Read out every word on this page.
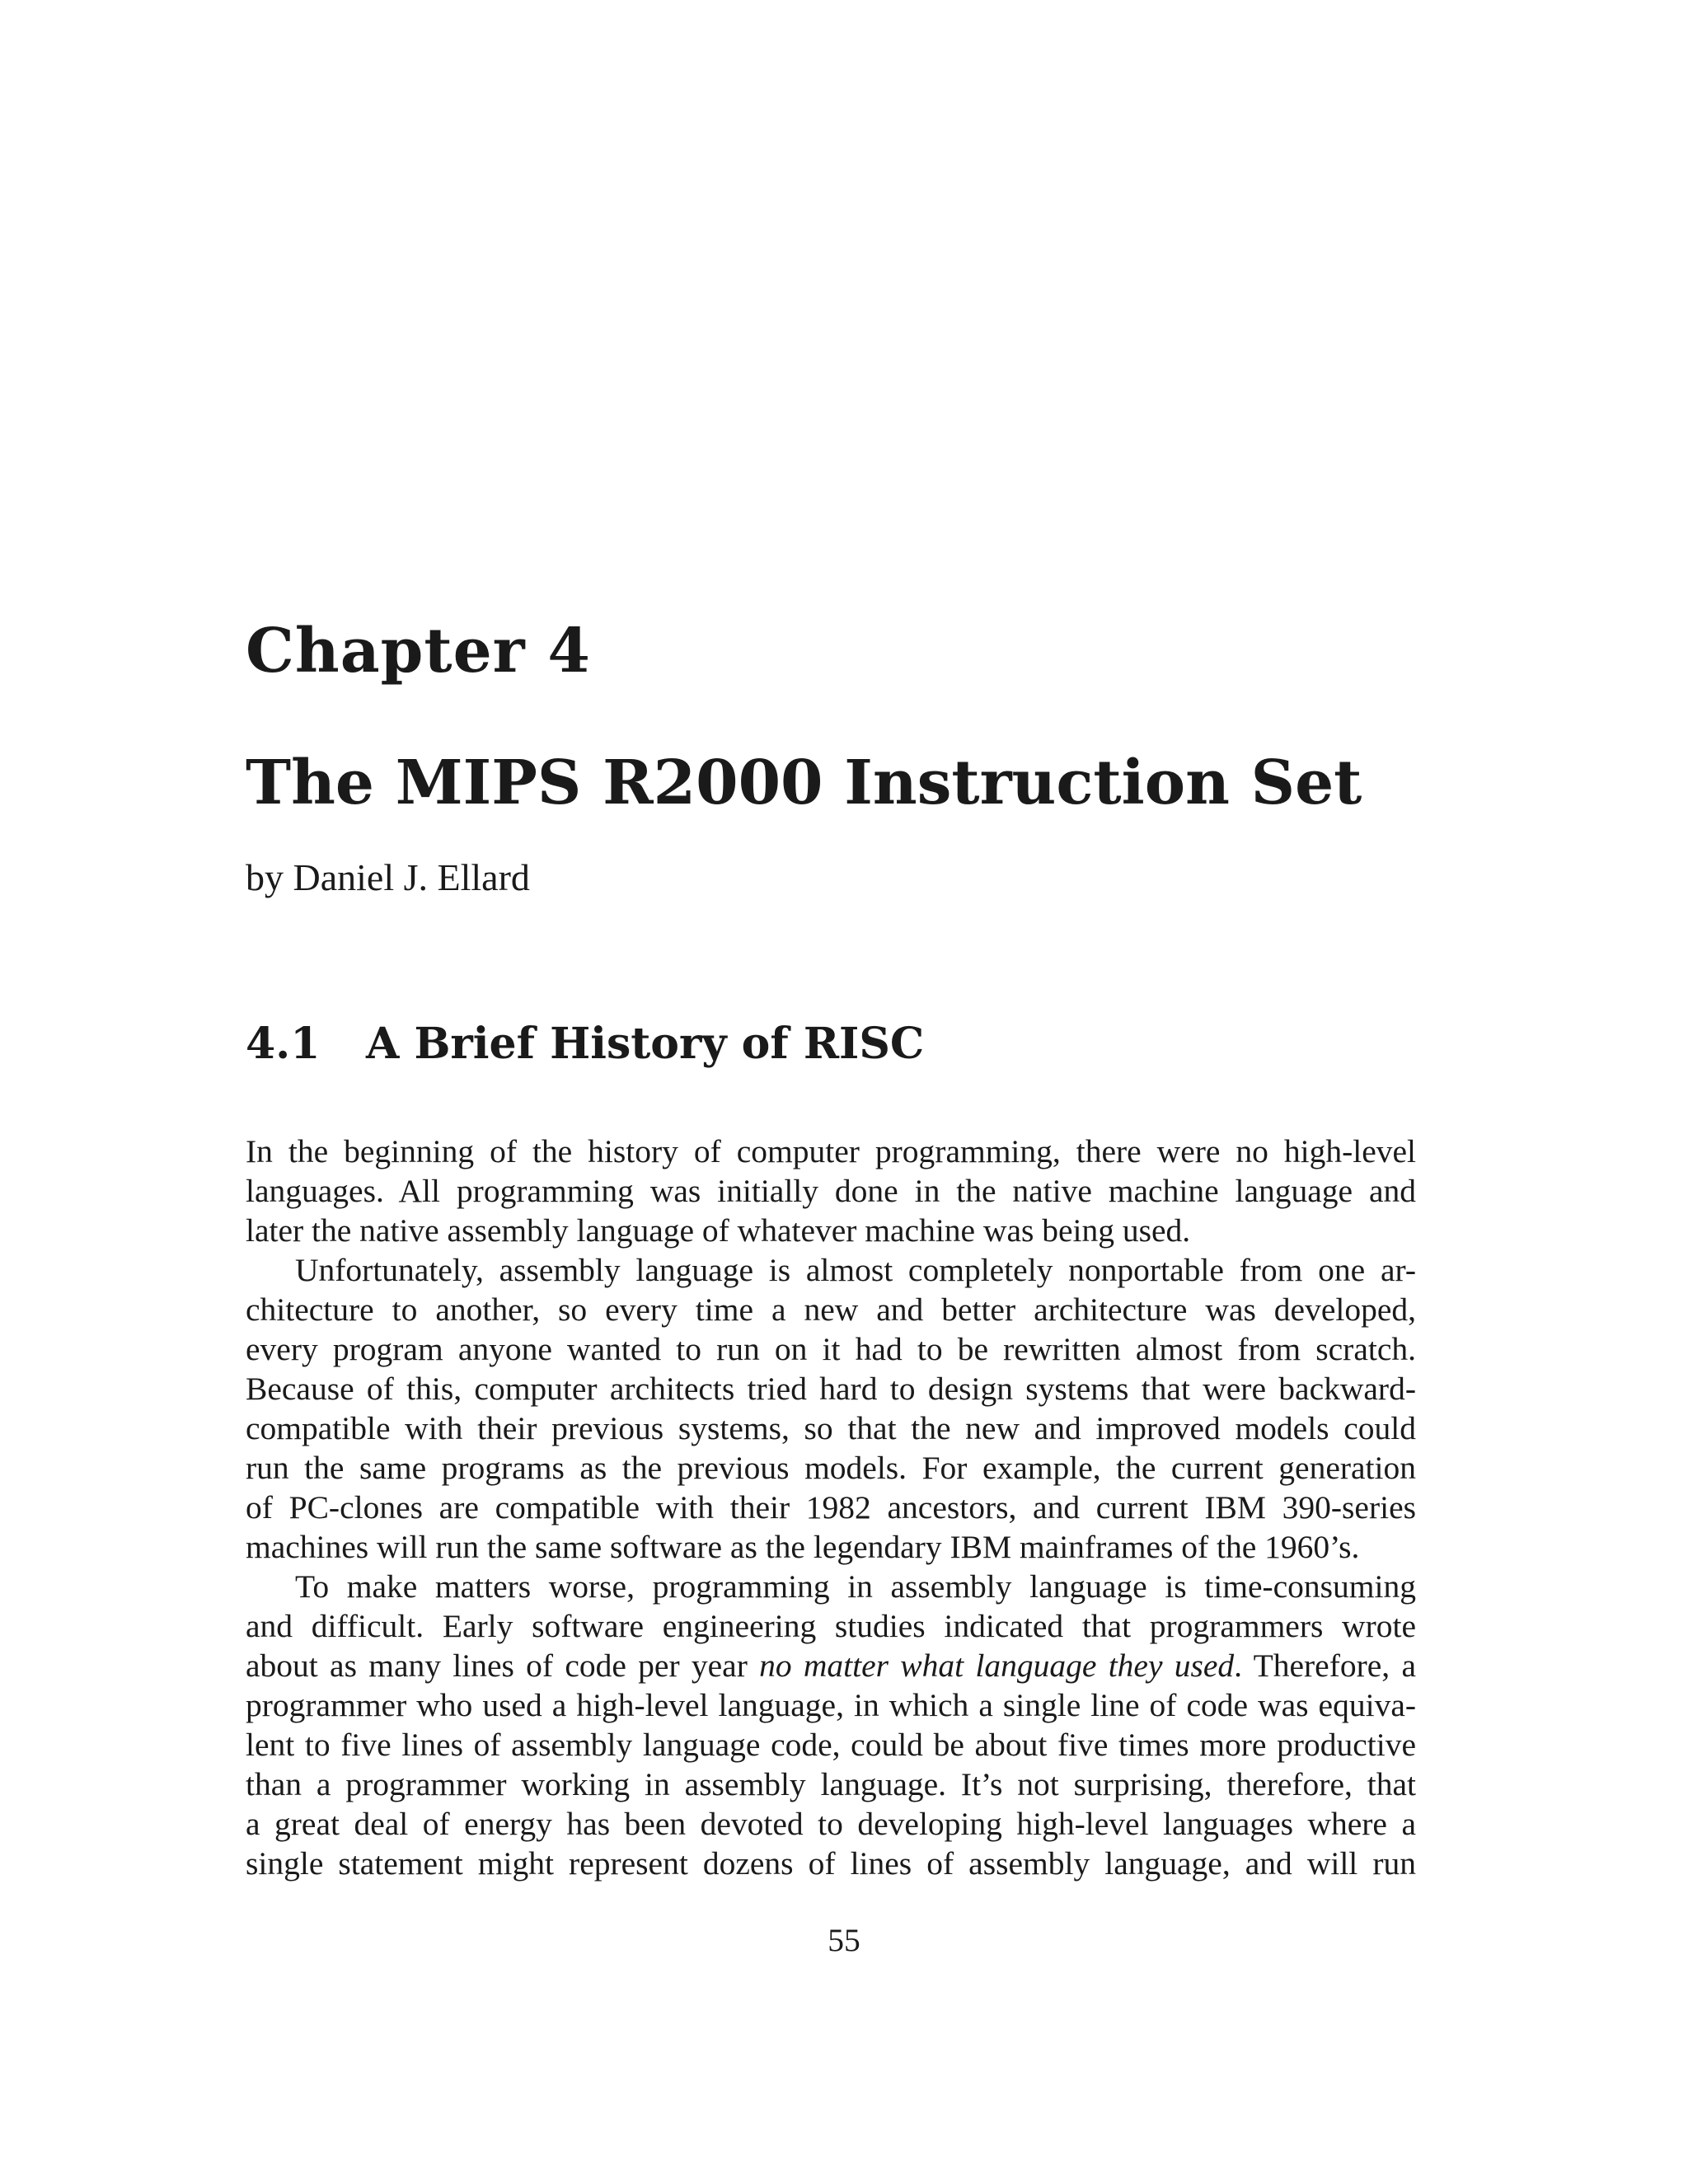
Chapter 4
The MIPS R2000 Instruction Set
by Daniel J. Ellard
4.1 A Brief History of RISC

In the beginning of the history of computer programming, there were no high-level
languages. All programming was initially done in the native machine language and
later the native assembly language of whatever machine was being used.

Unfortunately, assembly language is almost completely nonportable from one ar-
chitecture to another, so every time a new and better architecture was developed,
every program anyone wanted to run on it had to be rewritten almost from scratch.
Because of this, computer architects tried hard to design systems that were backward-
compatible with their previous systems, so that the new and improved models could
run the same programs as the previous models. For example, the current generation
of PC-clones are compatible with their 1982 ancestors, and current IBM 390-series
machines will run the same software as the legendary IBM mainframes of the 1960’s.

To make matters worse, programming in assembly language is time-consuming
and difficult. Early software engineering studies indicated that programmers wrote
about as many lines of code per year no matter what language they used. Therefore, a
programmer who used a high-level language, in which a single line of code was equiva-
lent to five lines of assembly language code, could be about five times more productive
than a programmer working in assembly language. It’s not surprising, therefore, that
a great deal of energy has been devoted to developing high-level languages where a
single statement might represent dozens of lines of assembly language, and will run

55
